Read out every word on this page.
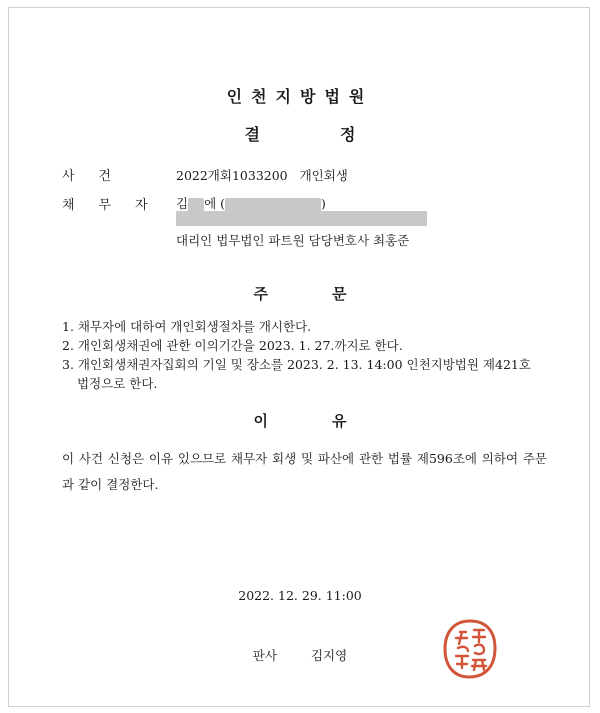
인천지방법원
결	정
사건	2022개회1033200 개인회생
채무자 김 에 (	)
대리인 법무법인 파트원 담당변호사 최홍준
주	문
1. 채무자에 대하여 개인회생절차를 개시한다.
2. 개인회생채권에 관한 이의기간을 2023. 1. 27.까지로 한다.
3. 개인회생채권자집회의 기일 및 장소를 2023. 2. 13. 14:00 인천지방법원 제421호
법정으로 한다.
이	유
이 사건 신청은 이유 있으므로 채무자 회생 및 파산에 관한 법률 제596조에 의하여 주문과 같이 결정한다.
2022. 12. 29. 11:00
판사	김지영
